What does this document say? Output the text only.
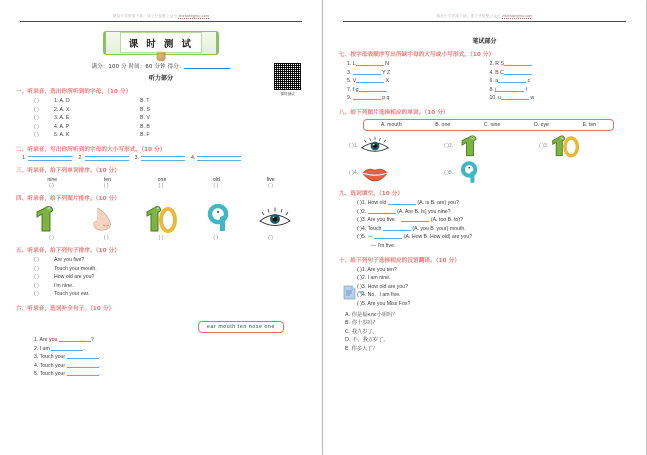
精品小学资源下载，请公开留聚公众号 zhziwangmu.com
课 时 测 试
满分：100 分 时间：60 分钟 得分：
听力部分
课时测试
一、听录音，选出你所听到的字母。（10 分）
( )	1. A. D	B. T
( )	2. A. X	B. S
( )	3. A. E	B. V
( )	4. A. P	B. B
( )	5. A. K	B. F
二、听录音，写出你所听到的字母的大小写形式。（10 分）
1.	2.	3.	4.
三、听录音，给下列单词排序。（10 分）
nine	ten	one	old	five
( )	( )	( )	( )	( )
四、听录音，给下列图片排序。（10 分）
( )	( )	( )	( )	( )
五、听录音，给下列句子排序。（10 分）
( )	Are you five?
( )	Touch your mouth.
( )	How old are you?
( )	I'm nine.
( )	Touch your ear.
六、听录音，选词补全句子。（10 分）
ear mouth ten nose one
1. Are you	?
2. I am	.
3. Touch your	.
4. Touch your	.
5. Touch your	.
精品小学资源下载，请公开留聚公众号 zhziwangmu.com
笔试部分
七、按字母表顺序写出所缺字母的大写或小写形式。（10 分）
1. L	N
3.	Y Z
5. V	X
7. f g
9.	p q
2. R S
4. B C
6. a	c
8. j	l
10. u	w
八、给下列图片选择相应的单词。（10 分）
A. mouth	B. one	C. nine	D. eye	E. ten
( )1.	( )2.	( )3.
( )4.	( )5.
九、选词填空。（10 分）
( )1. How old	(A. is B. are) you?
( )2.	(A. Are B. Is) you nine?
( )3. Are you five．	(A. too B. to)?
( )4. Touch	(A. you B. your) mouth.
( )5. —	(A. How B. How old) are you?
— I'm five.
十、给下列句子选择相应的汉语翻译。（10 分）
( )1. Are you ten?
( )2. I am nine.
( )3. How old are you?
( )4. No．I am five.
( )5. Are you Miss Fox?
A. 你是福клс小姐吗？
B. 你十岁吗？
C. 我九岁了。
D. 不，我五岁了。
E. 你多大了？
